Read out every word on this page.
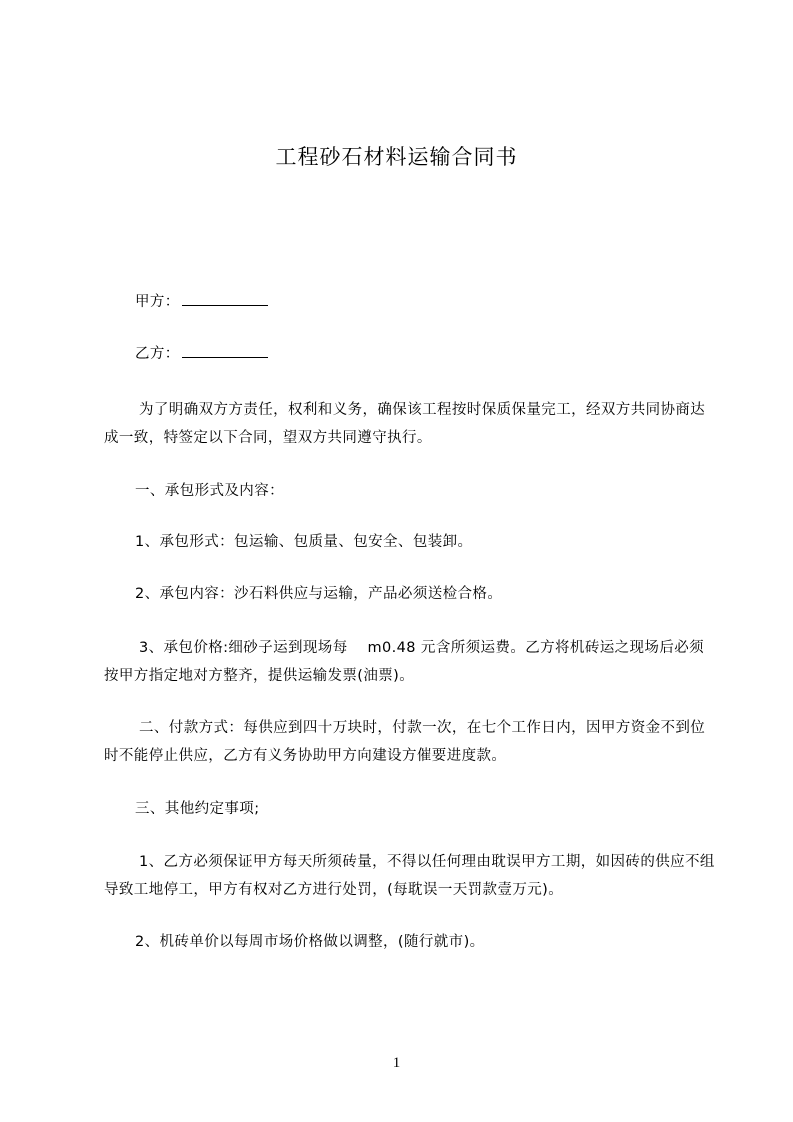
工程砂石材料运输合同书

甲方：

乙方：

为了明确双方方责任，权利和义务，确保该工程按时保质保量完工，经双方共同协商达成一致，特签定以下合同，望双方共同遵守执行。

一、承包形式及内容：

1、承包形式：包运输、包质量、包安全、包装卸。

2、承包内容：沙石料供应与运输，产品必须送检合格。

3、承包价格:细砂子运到现场每　 m0.48 元含所须运费。乙方将机砖运之现场后必须按甲方指定地对方整齐，提供运输发票(油票)。

二、付款方式：每供应到四十万块时，付款一次，在七个工作日内，因甲方资金不到位时不能停止供应，乙方有义务协助甲方向建设方催要进度款。

三、其他约定事项;

1、乙方必须保证甲方每天所须砖量，不得以任何理由耽误甲方工期，如因砖的供应不组导致工地停工，甲方有权对乙方进行处罚，(每耽误一天罚款壹万元)。

2、机砖单价以每周市场价格做以调整，(随行就市)。

1
